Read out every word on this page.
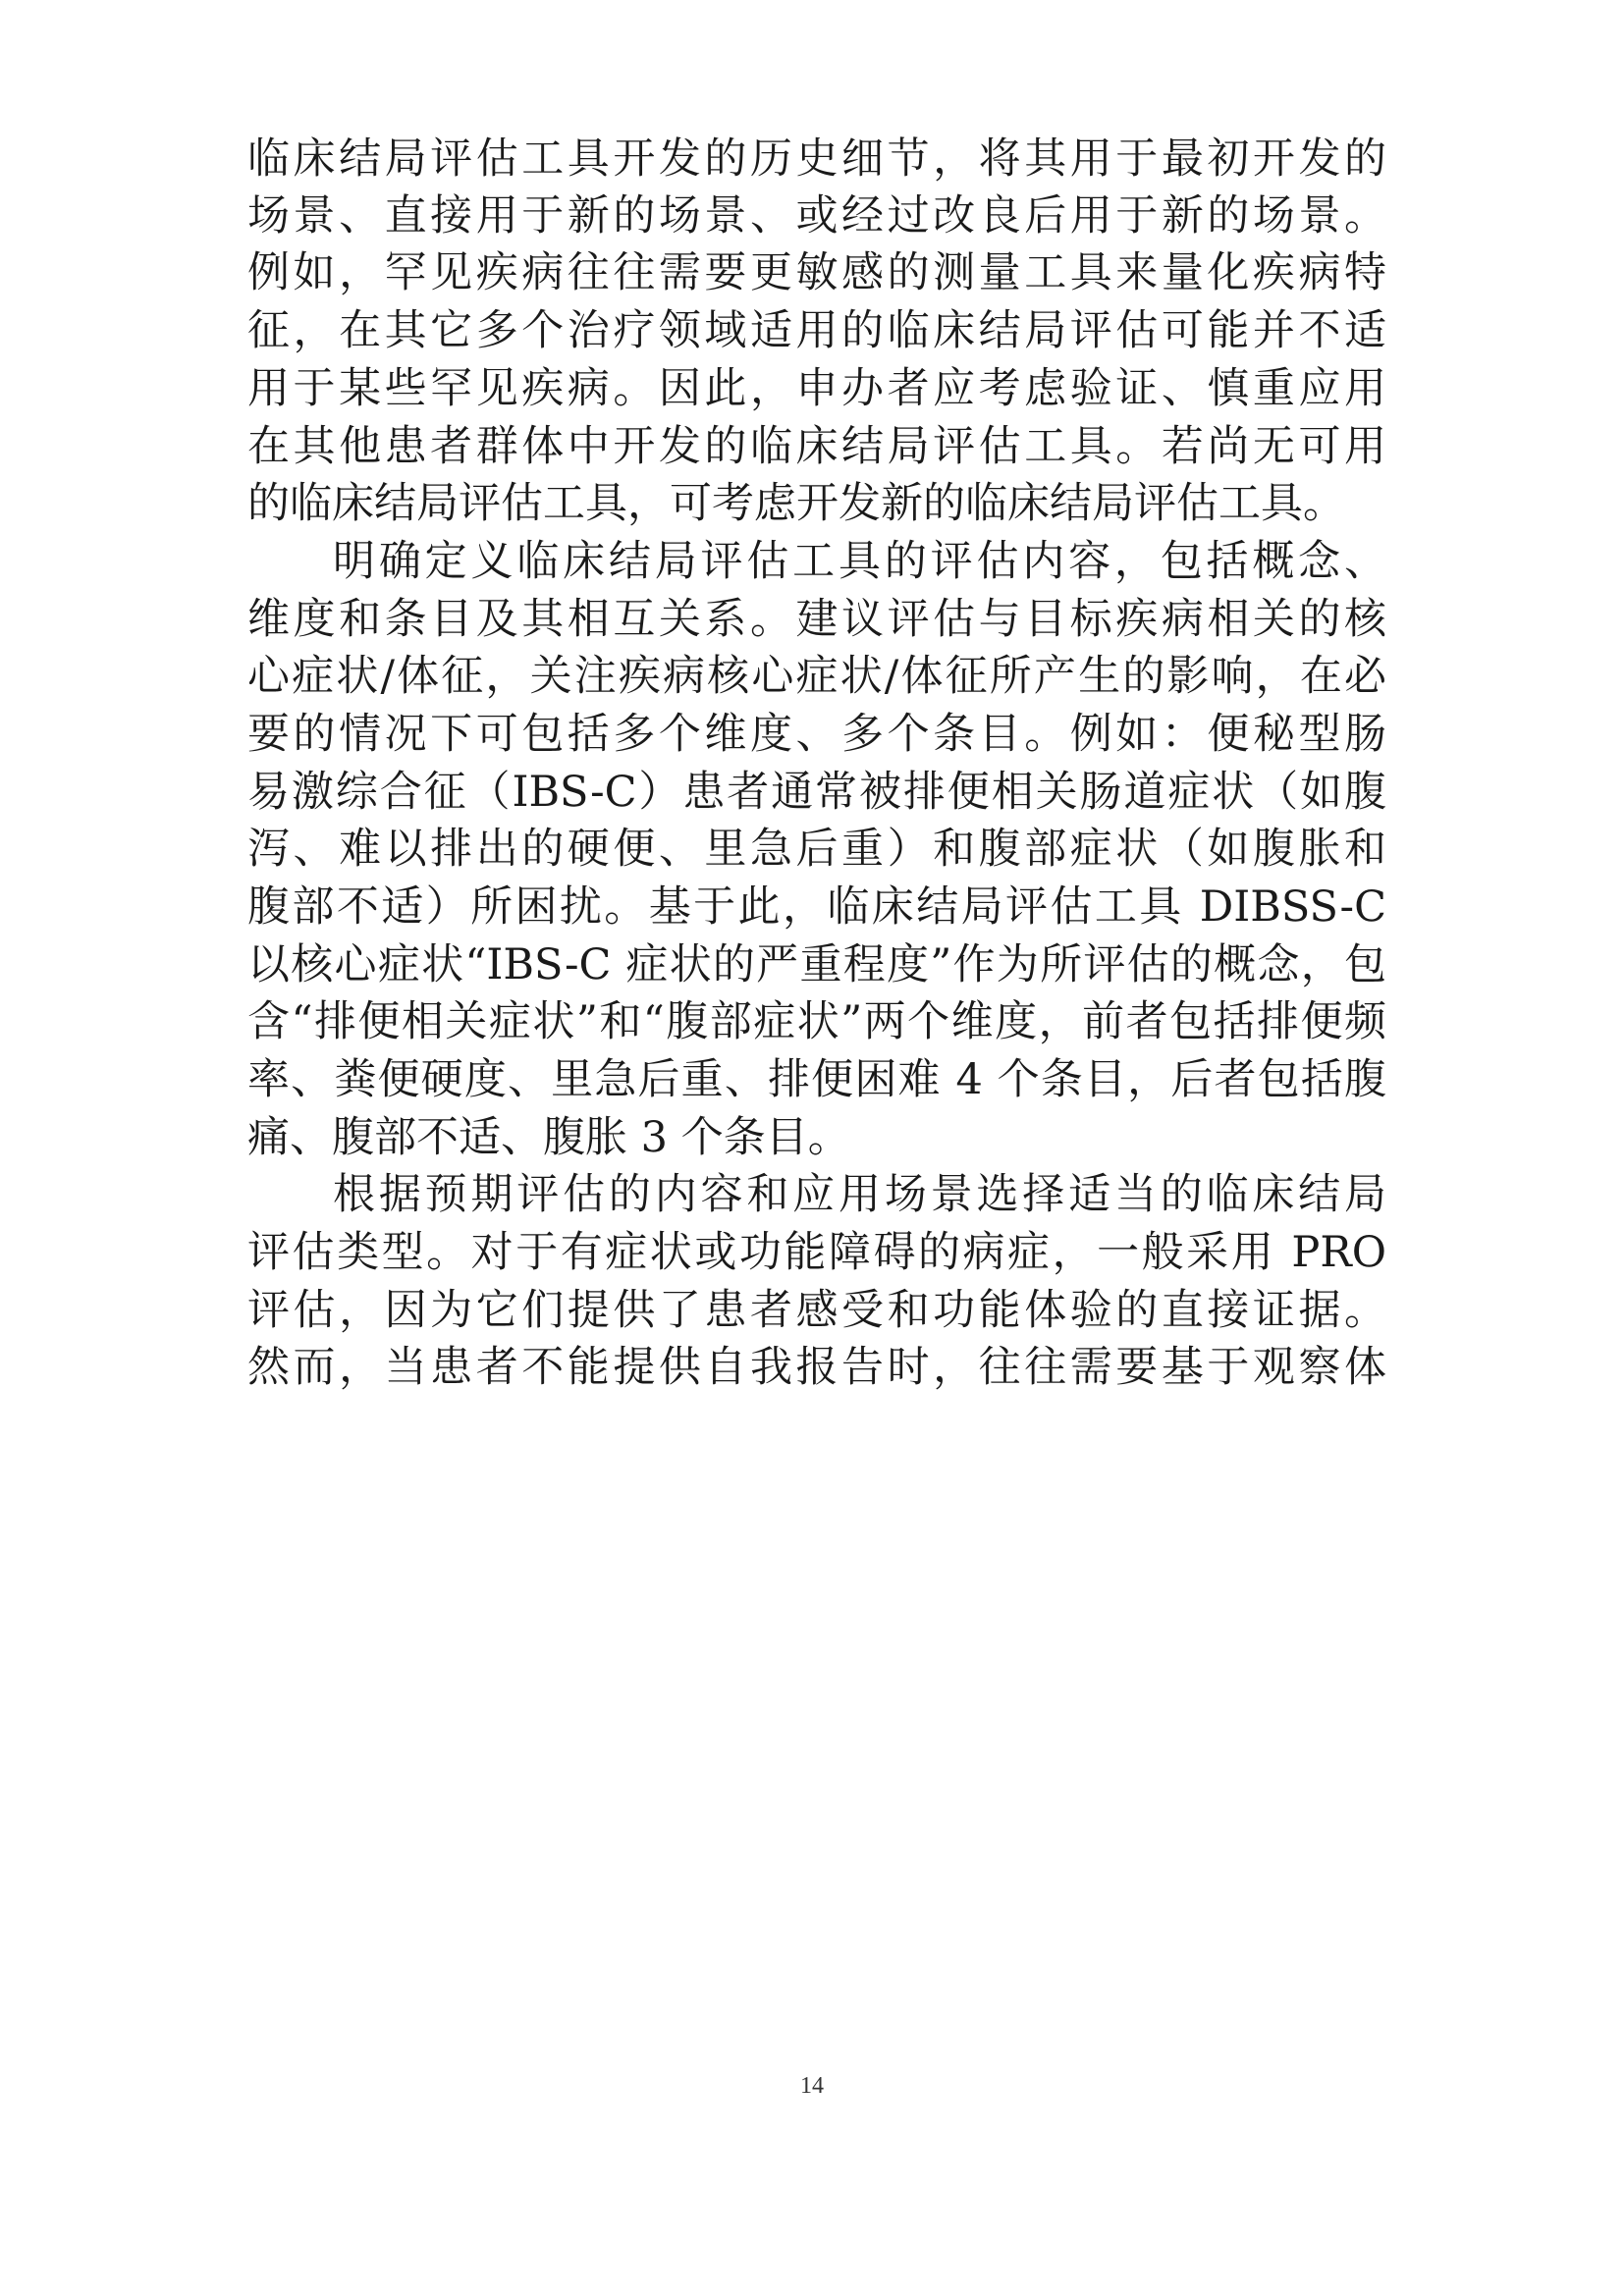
临床结局评估工具开发的历史细节，将其用于最初开发的
场景、直接用于新的场景、或经过改良后用于新的场景。
例如，罕见疾病往往需要更敏感的测量工具来量化疾病特
征，在其它多个治疗领域适用的临床结局评估可能并不适
用于某些罕见疾病。因此，申办者应考虑验证、慎重应用
在其他患者群体中开发的临床结局评估工具。若尚无可用
的临床结局评估工具，可考虑开发新的临床结局评估工具。
明确定义临床结局评估工具的评估内容，包括概念、
维度和条目及其相互关系。建议评估与目标疾病相关的核
心症状/体征，关注疾病核心症状/体征所产生的影响，在必
要的情况下可包括多个维度、多个条目。例如：便秘型肠
易激综合征（IBS-C）患者通常被排便相关肠道症状（如腹
泻、难以排出的硬便、里急后重）和腹部症状（如腹胀和
腹部不适）所困扰。基于此，临床结局评估工具 DIBSS-C
以核心症状“IBS-C 症状的严重程度”作为所评估的概念，包
含“排便相关症状”和“腹部症状”两个维度，前者包括排便频
率、粪便硬度、里急后重、排便困难 4 个条目，后者包括腹
痛、腹部不适、腹胀 3 个条目。
根据预期评估的内容和应用场景选择适当的临床结局
评估类型。对于有症状或功能障碍的病症，一般采用 PRO
评估，因为它们提供了患者感受和功能体验的直接证据。
然而，当患者不能提供自我报告时，往往需要基于观察体
14
